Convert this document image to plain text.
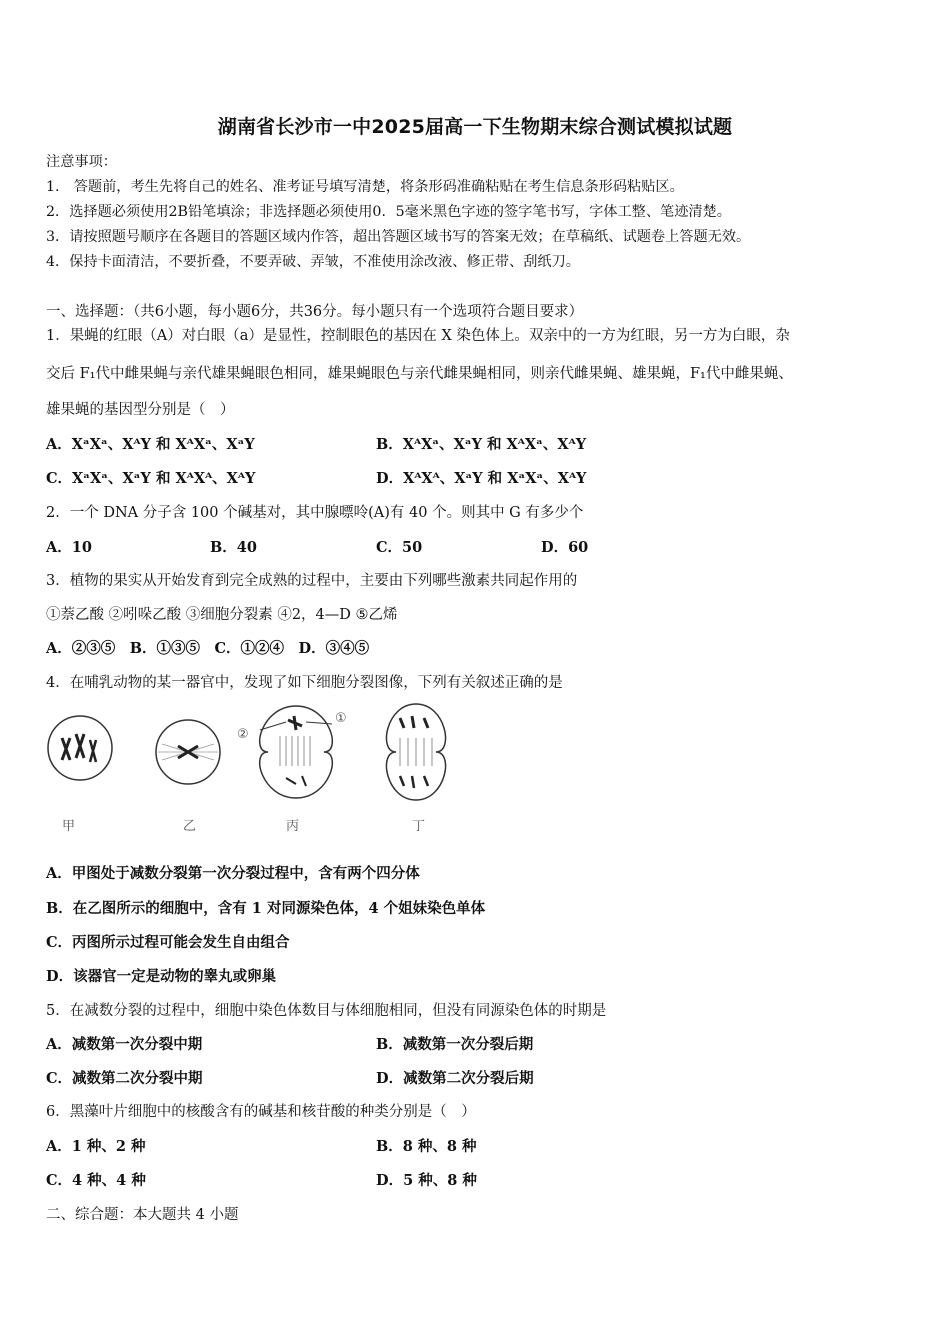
湖南省长沙市一中2025届高一下生物期末综合测试模拟试题
注意事项：
1.　答题前，考生先将自己的姓名、准考证号填写清楚，将条形码准确粘贴在考生信息条形码粘贴区。
2．选择题必须使用2B铅笔填涂；非选择题必须使用0．5毫米黑色字迹的签字笔书写，字体工整、笔迹清楚。
3．请按照题号顺序在各题目的答题区域内作答，超出答题区域书写的答案无效；在草稿纸、试题卷上答题无效。
4．保持卡面清洁，不要折叠，不要弄破、弄皱，不准使用涂改液、修正带、刮纸刀。
一、选择题：（共6小题，每小题6分，共36分。每小题只有一个选项符合题目要求）
1．果蝇的红眼（A）对白眼（a）是显性，控制眼色的基因在 X 染色体上。双亲中的一方为红眼，另一方为白眼，杂
交后 F₁代中雌果蝇与亲代雄果蝇眼色相同，雄果蝇眼色与亲代雌果蝇相同，则亲代雌果蝇、雄果蝇，F₁代中雌果蝇、
雄果蝇的基因型分别是（　）
A．XᵃXᵃ、XᴬY 和 XᴬXᵃ、XᵃY	B．XᴬXᵃ、XᵃY 和 XᴬXᵃ、XᴬY
C．XᵃXᵃ、XᵃY 和 XᴬXᴬ、XᴬY	D．XᴬXᴬ、XᵃY 和 XᵃXᵃ、XᴬY
2．一个 DNA 分子含 100 个碱基对，其中腺嘌呤(A)有 40 个。则其中 G 有多少个
A．10	B．40	C．50	D．60
3．植物的果实从开始发育到完全成熟的过程中，主要由下列哪些激素共同起作用的
①萘乙酸 ②吲哚乙酸 ③细胞分裂素 ④2，4—D ⑤乙烯
A．②③⑤　B．①③⑤　C．①②④　D．③④⑤
4．在哺乳动物的某一器官中，发现了如下细胞分裂图像，下列有关叙述正确的是
②
①
甲	乙	丙	丁
A．甲图处于减数分裂第一次分裂过程中，含有两个四分体
B．在乙图所示的细胞中，含有 1 对同源染色体，4 个姐妹染色单体
C．丙图所示过程可能会发生自由组合
D．该器官一定是动物的睾丸或卵巢
5．在减数分裂的过程中，细胞中染色体数目与体细胞相同，但没有同源染色体的时期是
A．减数第一次分裂中期	B．减数第一次分裂后期
C．减数第二次分裂中期	D．减数第二次分裂后期
6．黑藻叶片细胞中的核酸含有的碱基和核苷酸的种类分别是（　）
A．1 种、2 种	B．8 种、8 种
C．4 种、4 种	D．5 种、8 种
二、综合题：本大题共 4 小题
